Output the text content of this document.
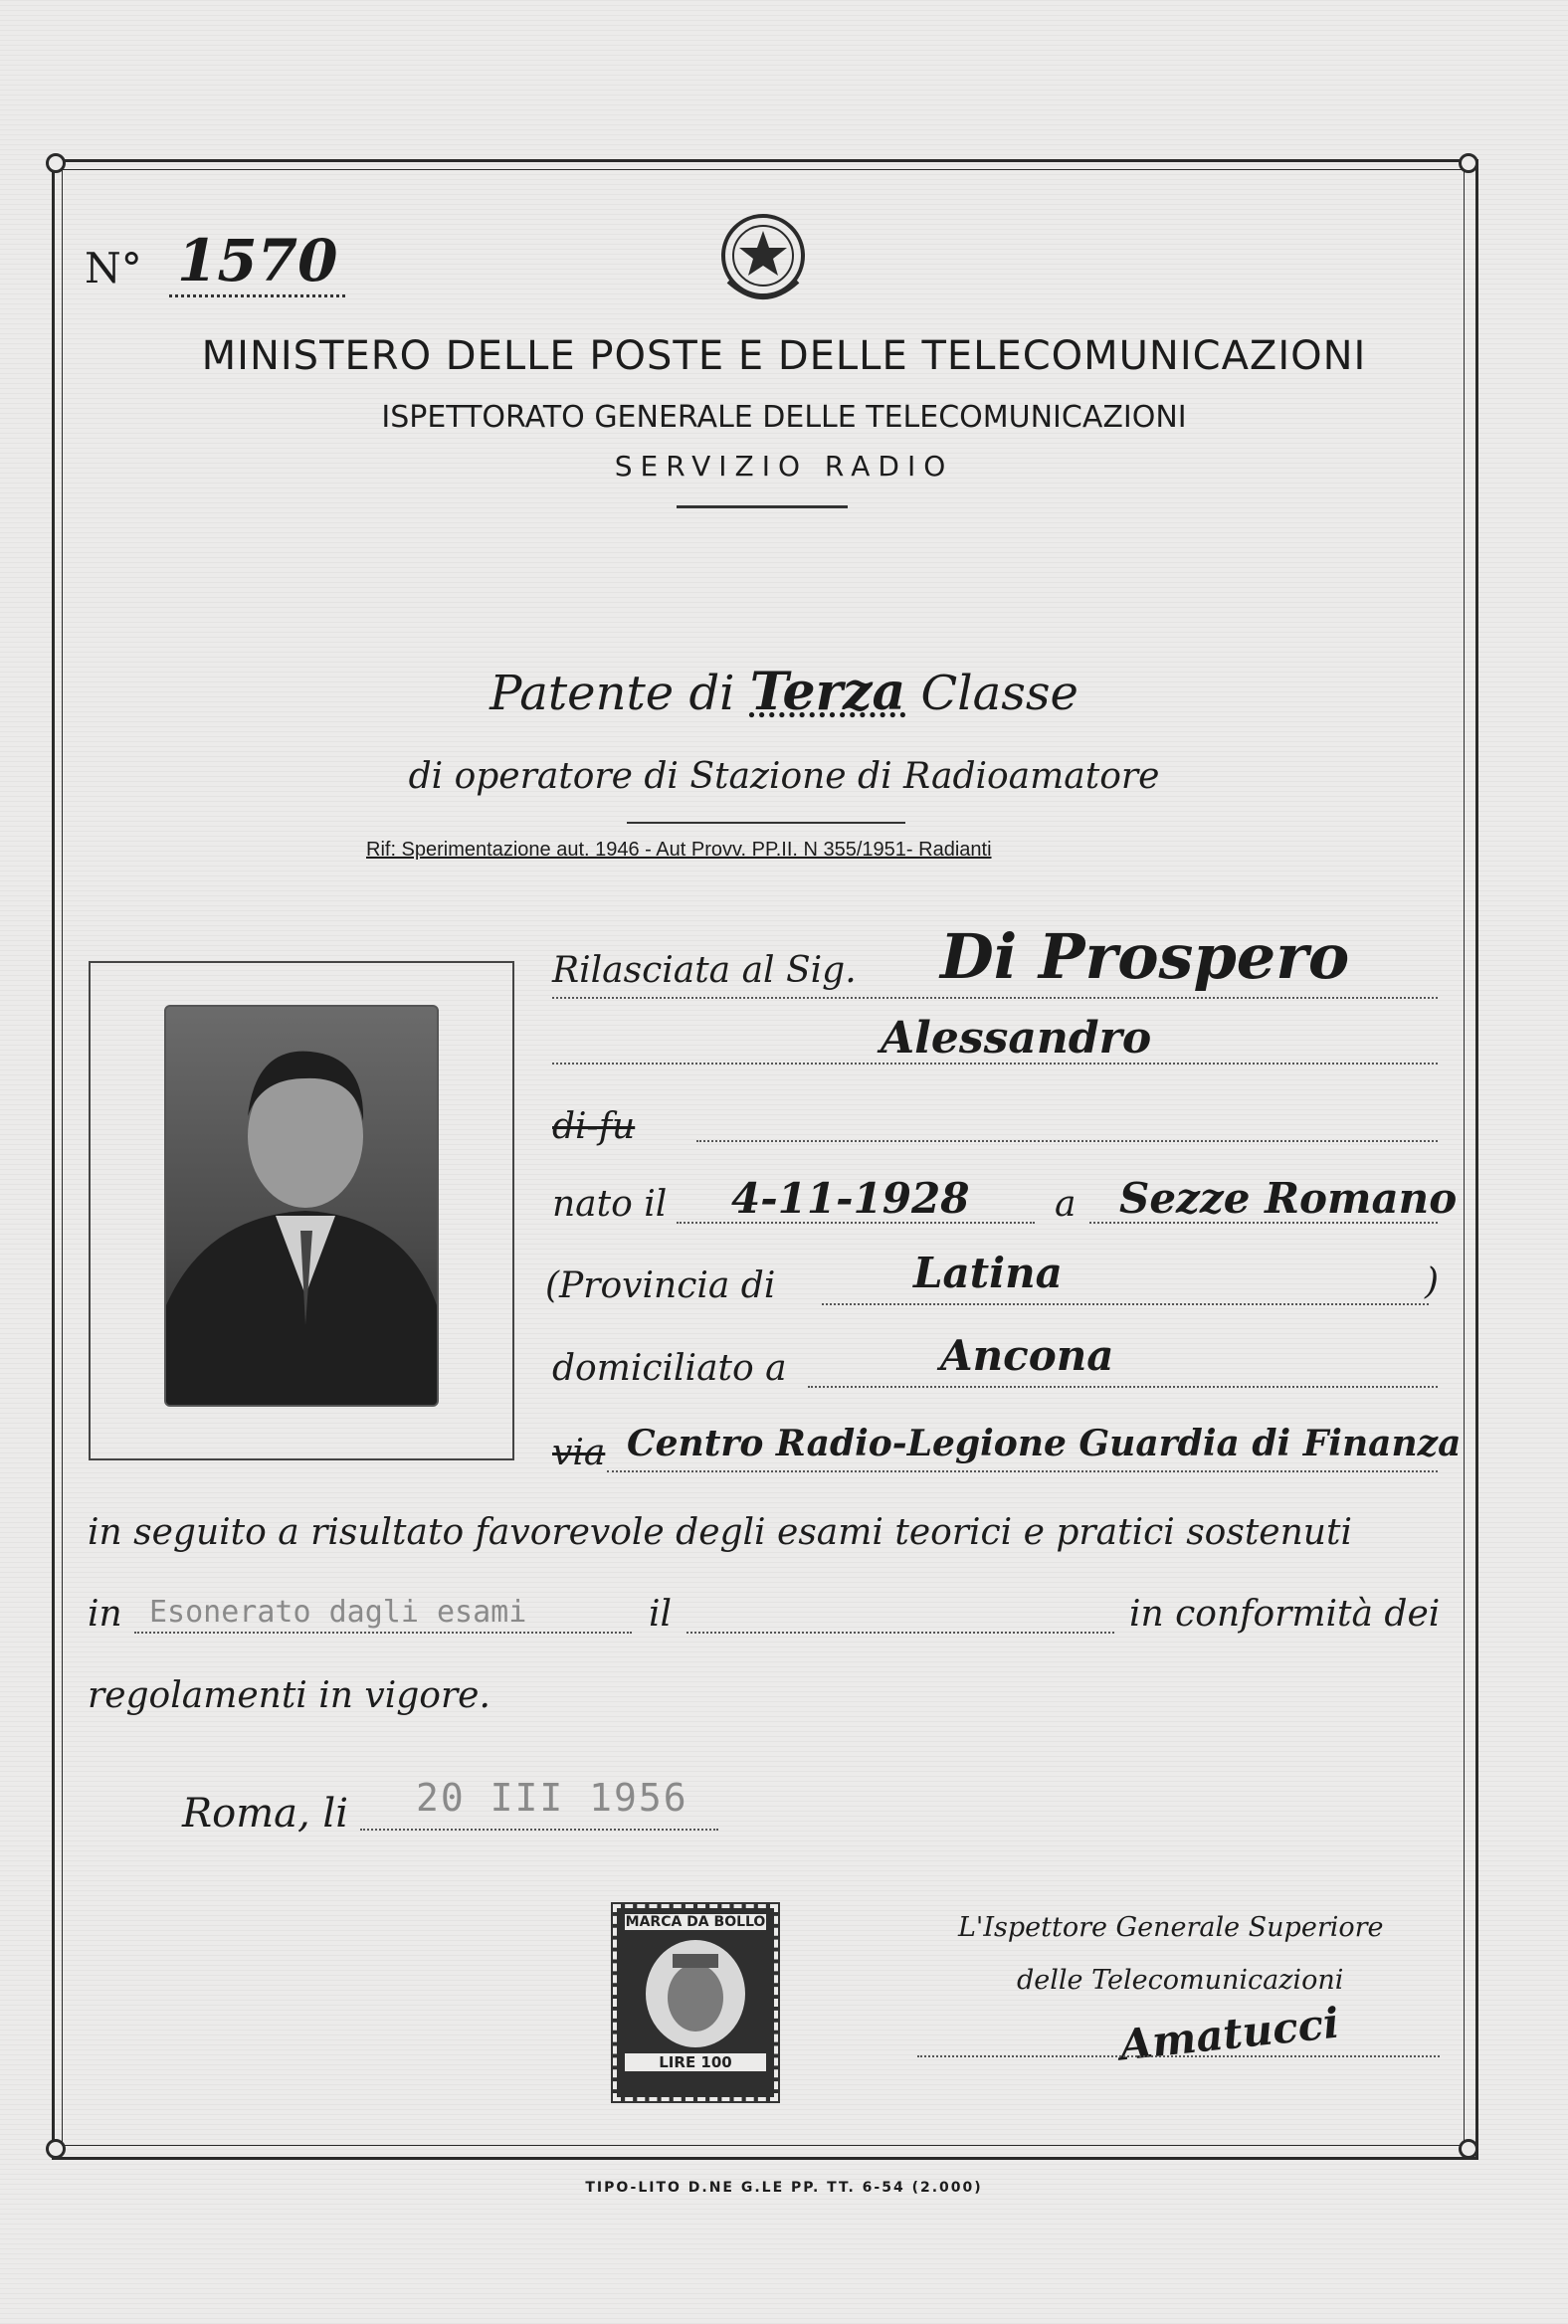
N° 1570
MINISTERO DELLE POSTE E DELLE TELECOMUNICAZIONI
ISPETTORATO GENERALE DELLE TELECOMUNICAZIONI
SERVIZIO RADIO
Patente di Terza Classe
di operatore di Stazione di Radioamatore
Rif: Sperimentazione aut. 1946 - Aut Provv. PP.II. N 355/1951- Radianti
Rilasciata al Sig. Di Prospero
Alessandro
di-fu
nato il 4-11-1928 a Sezze Romano
(Provincia di	Latina	)
domiciliato a	Ancona
via Centro Radio-Legione Guardia di Finanza
in seguito a risultato favorevole degli esami teorici e pratici sostenuti
in Esonerato dagli esami	il	in conformità dei
regolamenti in vigore.
Roma, li 20 III 1956
MARCA DA BOLLO
LIRE 100
L'Ispettore Generale Superiore
delle Telecomunicazioni
Amatucci
TIPO-LITO D.NE G.LE PP. TT. 6-54 (2.000)
